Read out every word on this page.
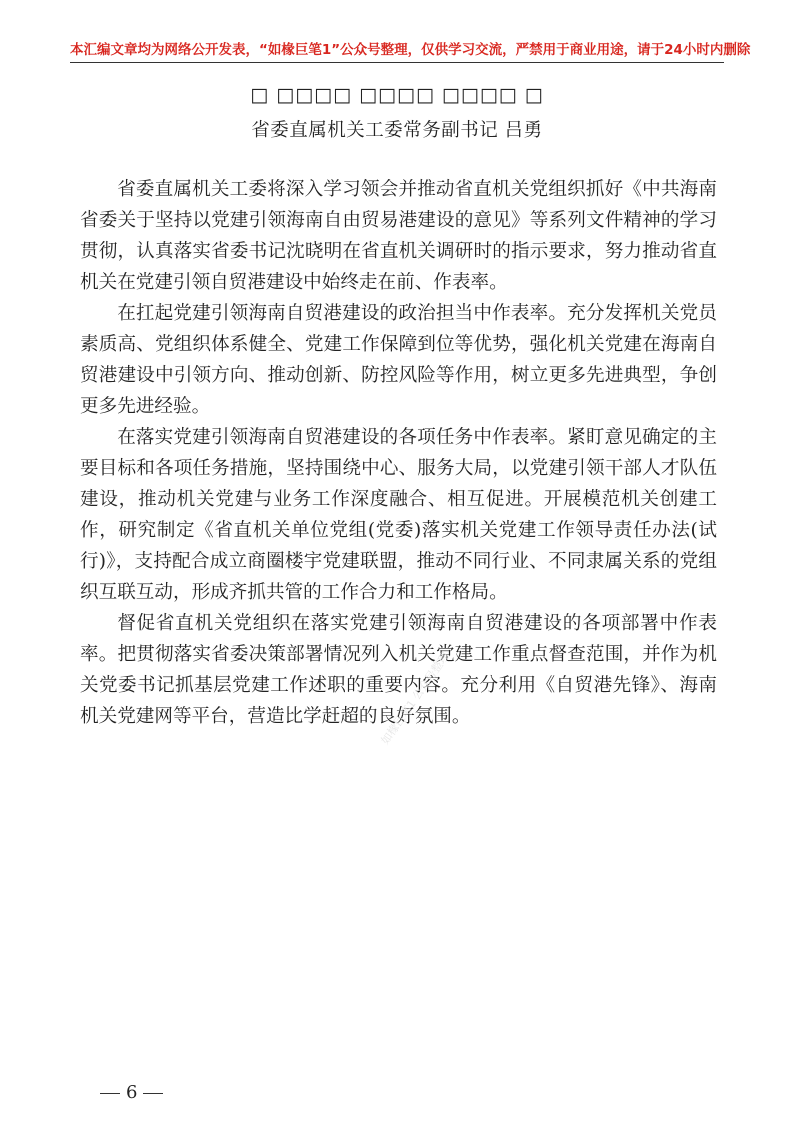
本汇编文章均为网络公开发表，“如椽巨笔1”公众号整理，仅供学习交流，严禁用于商业用途，请于24小时内删除
□ □□□□ □□□□ □□□□ □
省委直属机关工委常务副书记 吕勇

省委直属机关工委将深入学习领会并推动省直机关党组织抓好《中共海南省委关于坚持以党建引领海南自由贸易港建设的意见》等系列文件精神的学习贯彻，认真落实省委书记沈晓明在省直机关调研时的指示要求，努力推动省直机关在党建引领自贸港建设中始终走在前、作表率。

在扛起党建引领海南自贸港建设的政治担当中作表率。充分发挥机关党员素质高、党组织体系健全、党建工作保障到位等优势，强化机关党建在海南自贸港建设中引领方向、推动创新、防控风险等作用，树立更多先进典型，争创更多先进经验。

在落实党建引领海南自贸港建设的各项任务中作表率。紧盯意见确定的主要目标和各项任务措施，坚持围绕中心、服务大局，以党建引领干部人才队伍建设，推动机关党建与业务工作深度融合、相互促进。开展模范机关创建工作，研究制定《省直机关单位党组(党委)落实机关党建工作领导责任办法(试行)》，支持配合成立商圈楼宇党建联盟，推动不同行业、不同隶属关系的党组织互联互动，形成齐抓共管的工作合力和工作格局。

督促省直机关党组织在落实党建引领海南自贸港建设的各项部署中作表率。把贯彻落实省委决策部署情况列入机关党建工作重点督查范围，并作为机关党委书记抓基层党建工作述职的重要内容。充分利用《自贸港先锋》、海南机关党建网等平台，营造比学赶超的良好氛围。

如椽巨笔1 公众号整理
6
